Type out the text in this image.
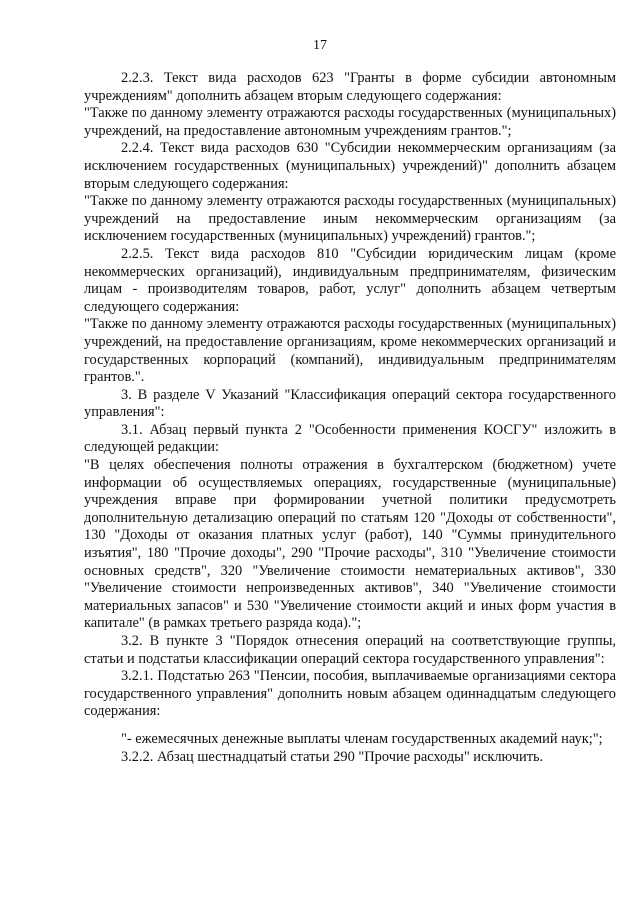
17

2.2.3. Текст вида расходов 623 "Гранты в форме субсидии автономным учреждениям" дополнить абзацем вторым следующего содержания:

"Также по данному элементу отражаются расходы государственных (муниципальных) учреждений, на предоставление автономным учреждениям грантов.";

2.2.4. Текст вида расходов 630 "Субсидии некоммерческим организациям (за исключением государственных (муниципальных) учреждений)" дополнить абзацем вторым следующего содержания:

"Также по данному элементу отражаются расходы государственных (муниципальных) учреждений на предоставление иным некоммерческим организациям (за исключением государственных (муниципальных) учреждений) грантов.";

2.2.5. Текст вида расходов 810 "Субсидии юридическим лицам (кроме некоммерческих организаций), индивидуальным предпринимателям, физическим лицам - производителям товаров, работ, услуг" дополнить абзацем четвертым следующего содержания:

"Также по данному элементу отражаются расходы государственных (муниципальных) учреждений, на предоставление организациям, кроме некоммерческих организаций и государственных корпораций (компаний), индивидуальным предпринимателям грантов.".

3. В разделе V Указаний "Классификация операций сектора государственного управления":

3.1. Абзац первый пункта 2 "Особенности применения КОСГУ" изложить в следующей редакции:

"В целях обеспечения полноты отражения в бухгалтерском (бюджетном) учете информации об осуществляемых операциях, государственные (муниципальные) учреждения вправе при формировании учетной политики предусмотреть дополнительную детализацию операций по статьям 120 "Доходы от собственности", 130 "Доходы от оказания платных услуг (работ), 140 "Суммы принудительного изъятия", 180 "Прочие доходы", 290 "Прочие расходы", 310 "Увеличение стоимости основных средств", 320 "Увеличение стоимости нематериальных активов", 330 "Увеличение стоимости непроизведенных активов", 340 "Увеличение стоимости материальных запасов" и 530 "Увеличение стоимости акций и иных форм участия в капитале" (в рамках третьего разряда кода).";

3.2. В пункте 3 "Порядок отнесения операций на соответствующие группы, статьи и подстатьи классификации операций сектора государственного управления":

3.2.1. Подстатью 263 "Пенсии, пособия, выплачиваемые организациями сектора государственного управления" дополнить новым абзацем одиннадцатым следующего содержания:

"- ежемесячных денежные выплаты членам государственных академий наук;";

3.2.2. Абзац шестнадцатый статьи 290 "Прочие расходы" исключить.
